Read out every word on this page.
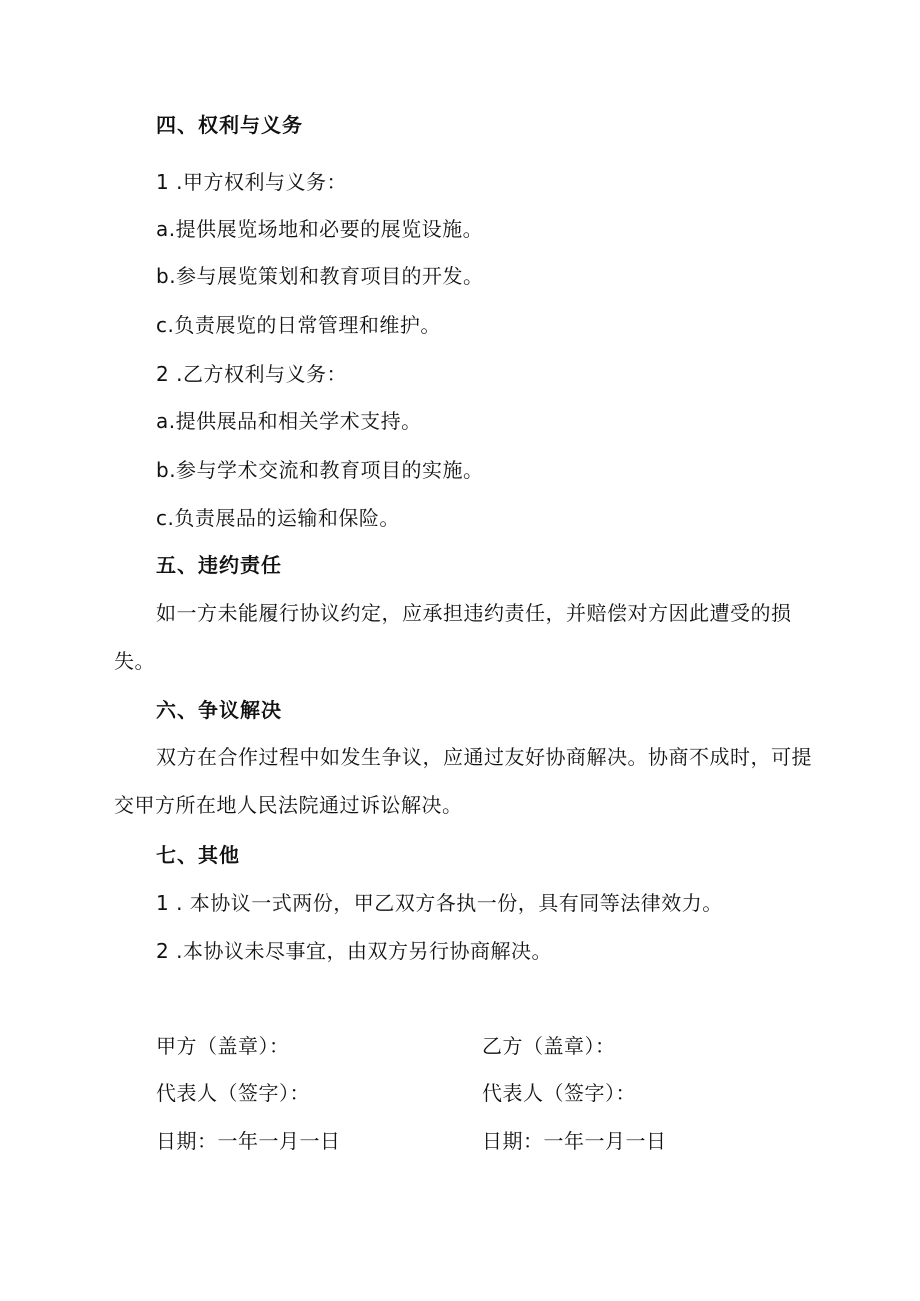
四、权利与义务
1 .甲方权利与义务：
a.提供展览场地和必要的展览设施。
b.参与展览策划和教育项目的开发。
c.负责展览的日常管理和维护。
2 .乙方权利与义务：
a.提供展品和相关学术支持。
b.参与学术交流和教育项目的实施。
c.负责展品的运输和保险。
五、违约责任
如一方未能履行协议约定，应承担违约责任，并赔偿对方因此遭受的损失。
六、争议解决
双方在合作过程中如发生争议，应通过友好协商解决。协商不成时，可提交甲方所在地人民法院通过诉讼解决。
七、其他
1 . 本协议一式两份，甲乙双方各执一份，具有同等法律效力。
2 .本协议未尽事宜，由双方另行协商解决。
甲方（盖章）：	乙方（盖章）：
代表人（签字）：	代表人（签字）：
日期：一年一月一日	日期：一年一月一日
